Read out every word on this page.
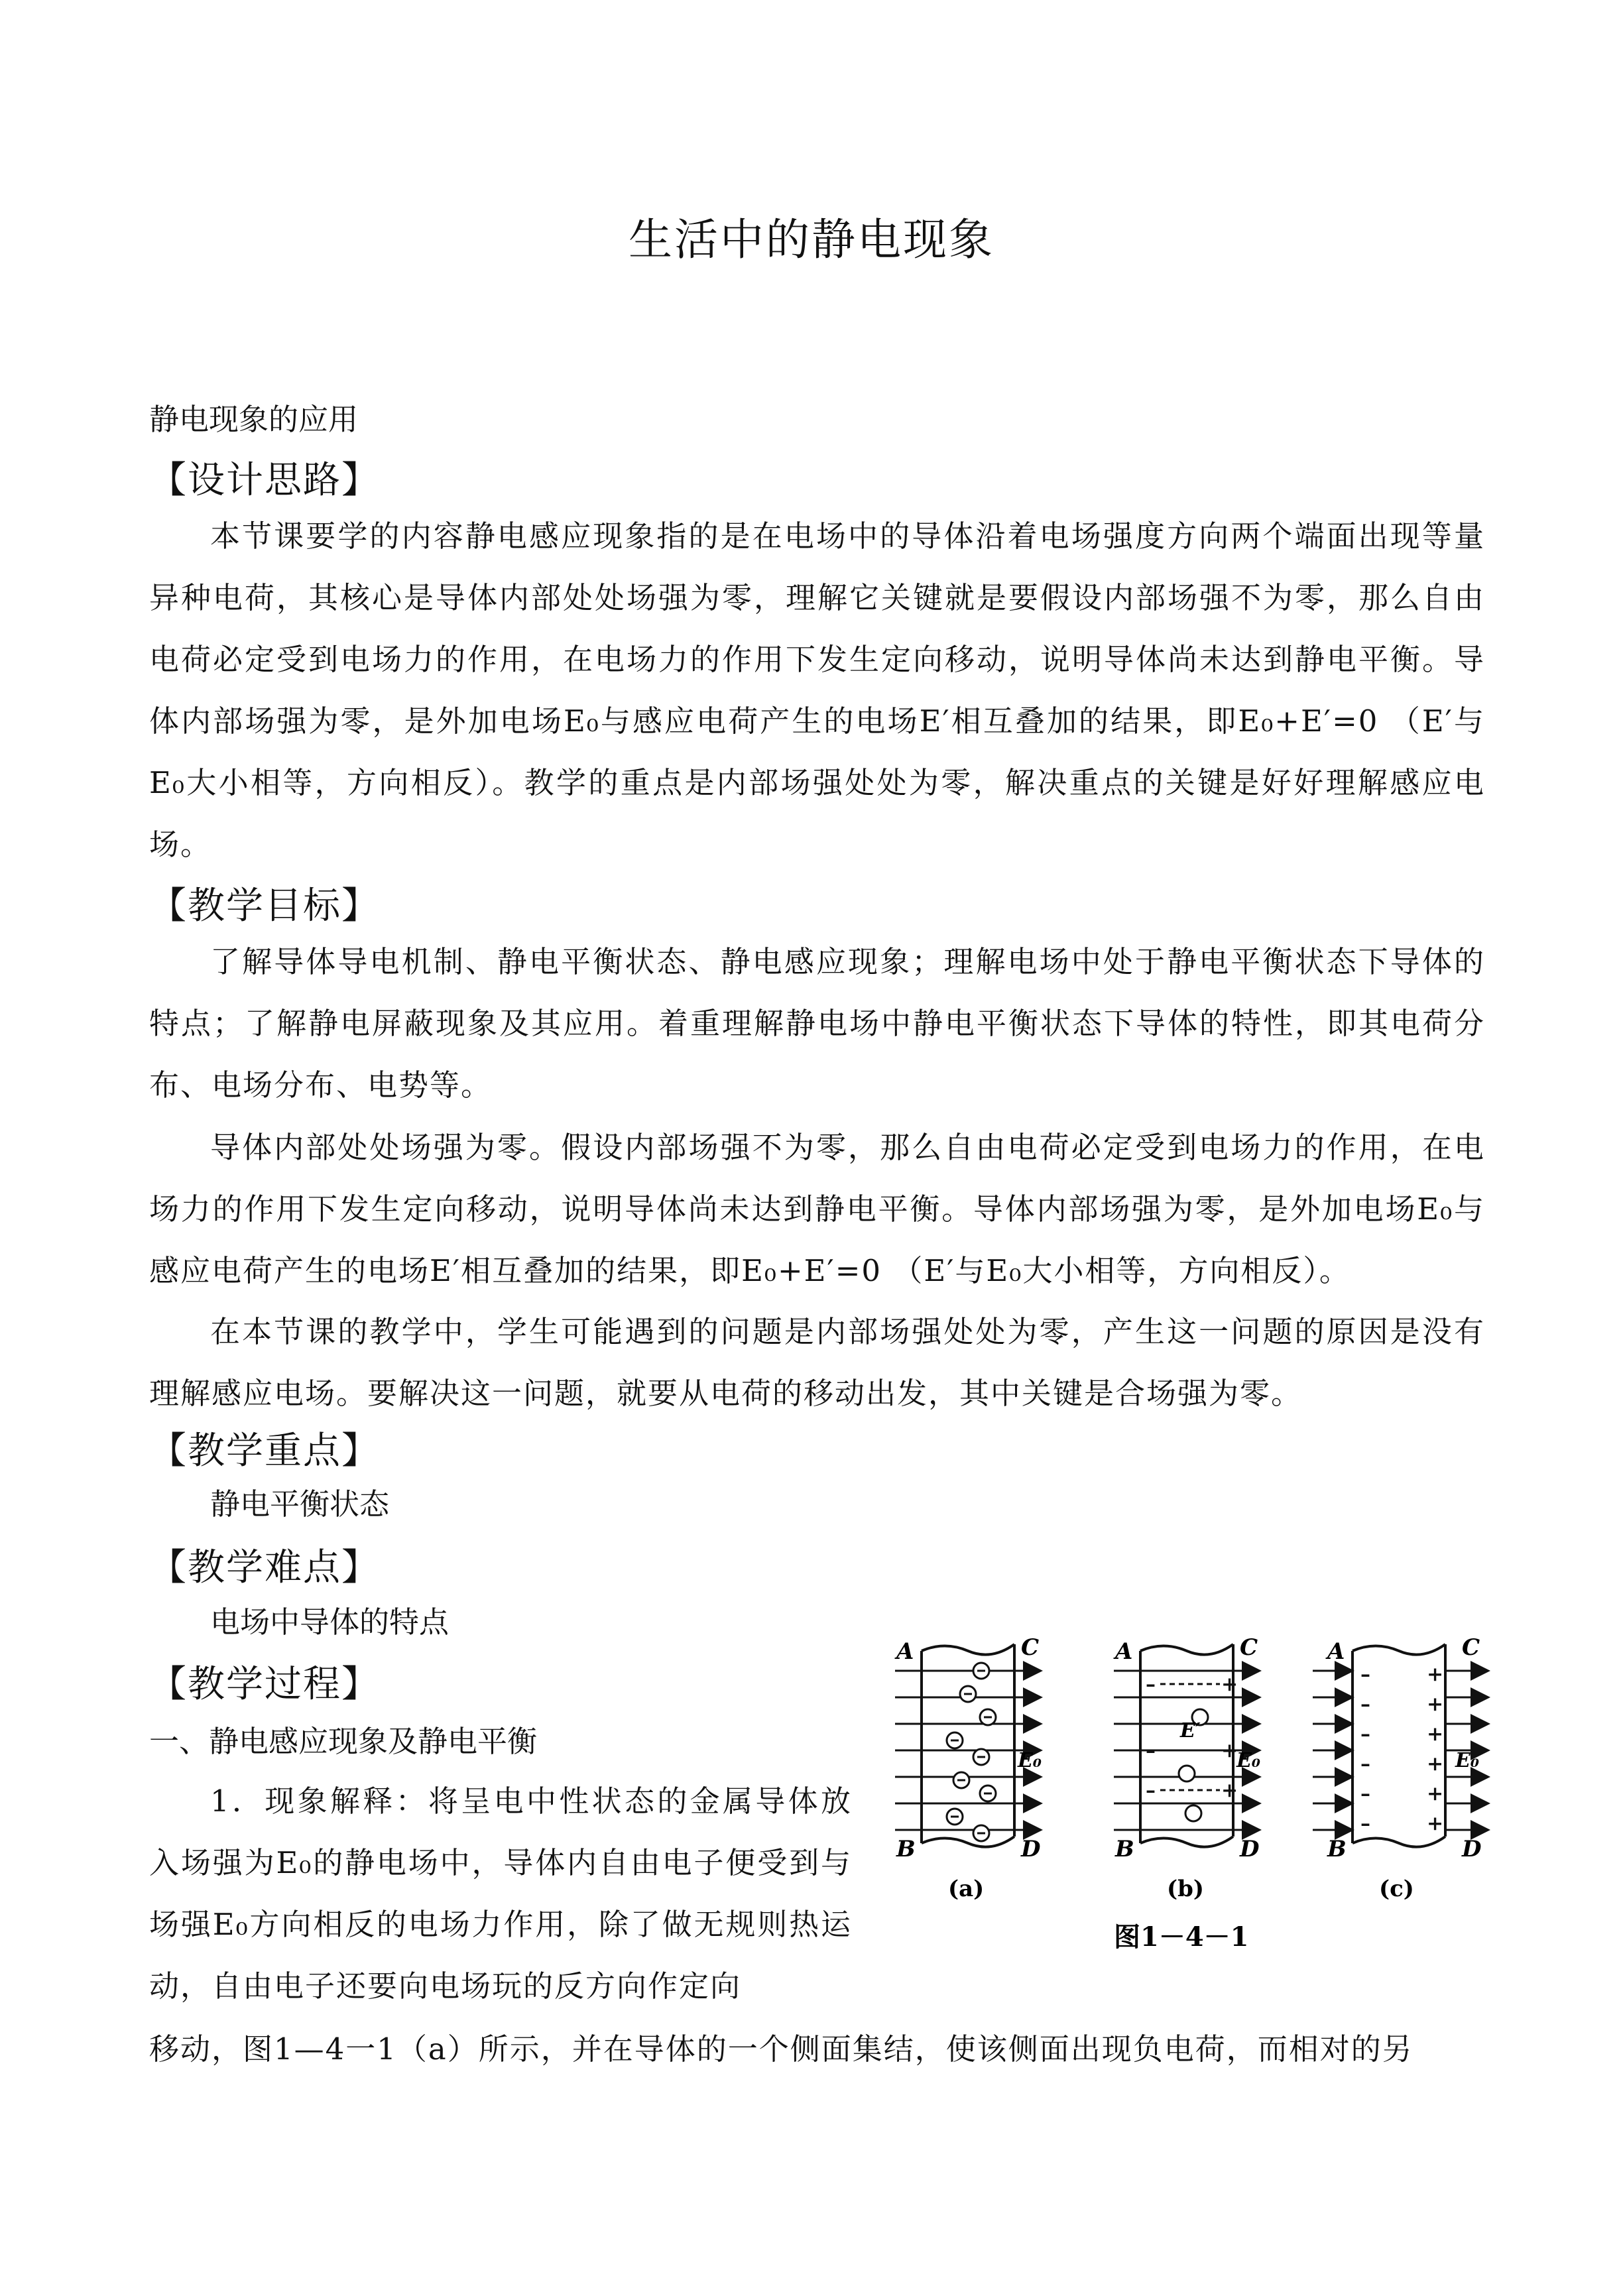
生活中的静电现象
静电现象的应用
【设计思路】
本节课要学的内容静电感应现象指的是在电场中的导体沿着电场强度方向两个端面出现等量异种电荷，其核心是导体内部处处场强为零，理解它关键就是要假设内部场强不为零，那么自由电荷必定受到电场力的作用，在电场力的作用下发生定向移动，说明导体尚未达到静电平衡。导体内部场强为零，是外加电场E₀与感应电荷产生的电场E′相互叠加的结果，即E₀+E′=0 （E′与E₀大小相等，方向相反）。教学的重点是内部场强处处为零，解决重点的关键是好好理解感应电场。
【教学目标】
了解导体导电机制、静电平衡状态、静电感应现象；理解电场中处于静电平衡状态下导体的特点；了解静电屏蔽现象及其应用。着重理解静电场中静电平衡状态下导体的特性，即其电荷分布、电场分布、电势等。
导体内部处处场强为零。假设内部场强不为零，那么自由电荷必定受到电场力的作用，在电场力的作用下发生定向移动，说明导体尚未达到静电平衡。导体内部场强为零，是外加电场E₀与感应电荷产生的电场E′相互叠加的结果，即E₀+E′=0 （E′与E₀大小相等，方向相反）。
在本节课的教学中，学生可能遇到的问题是内部场强处处为零，产生这一问题的原因是没有理解感应电场。要解决这一问题，就要从电荷的移动出发，其中关键是合场强为零。
【教学重点】
静电平衡状态
【教学难点】
电场中导体的特点
【教学过程】
一、静电感应现象及静电平衡
1．现象解释：将呈电中性状态的金属导体放入场强为E₀的静电场中，导体内自由电子便受到与场强E₀方向相反的电场力作用，除了做无规则热运动，自由电子还要向电场玩的反方向作定向
移动，图1—4一1（a）所示，并在导体的一个侧面集结，使该侧面出现负电荷，而相对的另
A	C
B	D
E₀
(a)
–	+
–	+
–	+
E′
A	C
B	D
E₀
(b)
–
–
–
–
–
–
+
+
+
+
+
+
A	C
B	D
E₀
(c)
图1－4－1
